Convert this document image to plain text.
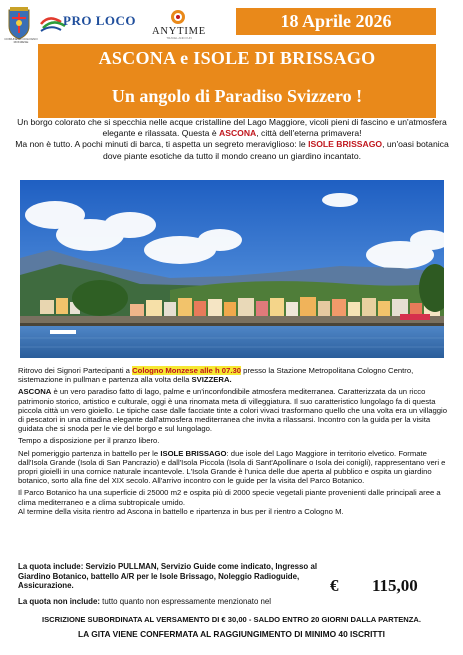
COMUNE DI COLOGNO MONZESE
PRO LOCO
ANYTIME
TRAVEL AND FUN
18 Aprile 2026
ASCONA e ISOLE DI BRISSAGO
Un angolo di Paradiso Svizzero !

Un borgo colorato che si specchia nelle acque cristalline del Lago Maggiore, vicoli pieni di fascino e un'atmosfera elegante e rilassata. Questa è ASCONA, città dell'eterna primavera!

Ma non è tutto. A pochi minuti di barca, ti aspetta un segreto meraviglioso: le ISOLE BRISSAGO, un'oasi botanica dove piante esotiche da tutto il mondo creano un giardino incantato.

Ritrovo dei Signori Partecipanti a Cologno Monzese alle h 07.30 presso la Stazione Metropolitana Cologno Centro, sistemazione in pullman e partenza alla volta della SVIZZERA.

ASCONA è un vero paradiso fatto di lago, palme e un'inconfondibile atmosfera mediterranea. Caratterizzata da un ricco patrimonio storico, artistico e culturale, oggi è una rinomata meta di villeggiatura. Il suo caratteristico lungolago fa di questa piccola città un vero gioiello. Le tipiche case dalle facciate tinte a colori vivaci trasformano quello che una volta era un villaggio di pescatori in una cittadina elegante dall'atmosfera mediterranea che invita a rilassarsi. Incontro con la guida per la visita guidata che si snoda per le vie del borgo e sul lungolago.

Tempo a disposizione per il pranzo libero.

Nel pomeriggio partenza in battello per le ISOLE BRISSAGO: due isole del Lago Maggiore in territorio elvetico. Formate dall'Isola Grande (Isola di San Pancrazio) e dall'Isola Piccola (Isola di Sant'Apollinare o Isola dei conigli), rappresentano veri e propri gioielli in una cornice naturale incantevole. L'Isola Grande è l'unica delle due aperta al pubblico e ospita un giardino botanico, sorto alla fine del XIX secolo. All'arrivo incontro con le guide per la visita del Parco Botanico.

Il Parco Botanico ha una superficie di 25000 m2 e ospita più di 2000 specie vegetali piante provenienti dalle principali aree a clima mediterraneo e a clima subtropicale umido.

Al termine della visita rientro ad Ascona in battello e ripartenza in bus per il rientro a Cologno M.

La quota include: Servizio PULLMAN, Servizio Guide come indicato, Ingresso al Giardino Botanico, battello A/R per le Isole Brissago, Noleggio Radioguide, Assicurazione.
La quota non include: tutto quanto non espressamente menzionato nel
€	115,00
ISCRIZIONE SUBORDINATA AL VERSAMENTO DI € 30,00 - SALDO ENTRO 20 GIORNI DALLA PARTENZA.
LA GITA VIENE CONFERMATA AL RAGGIUNGIMENTO DI MINIMO 40 ISCRITTI
